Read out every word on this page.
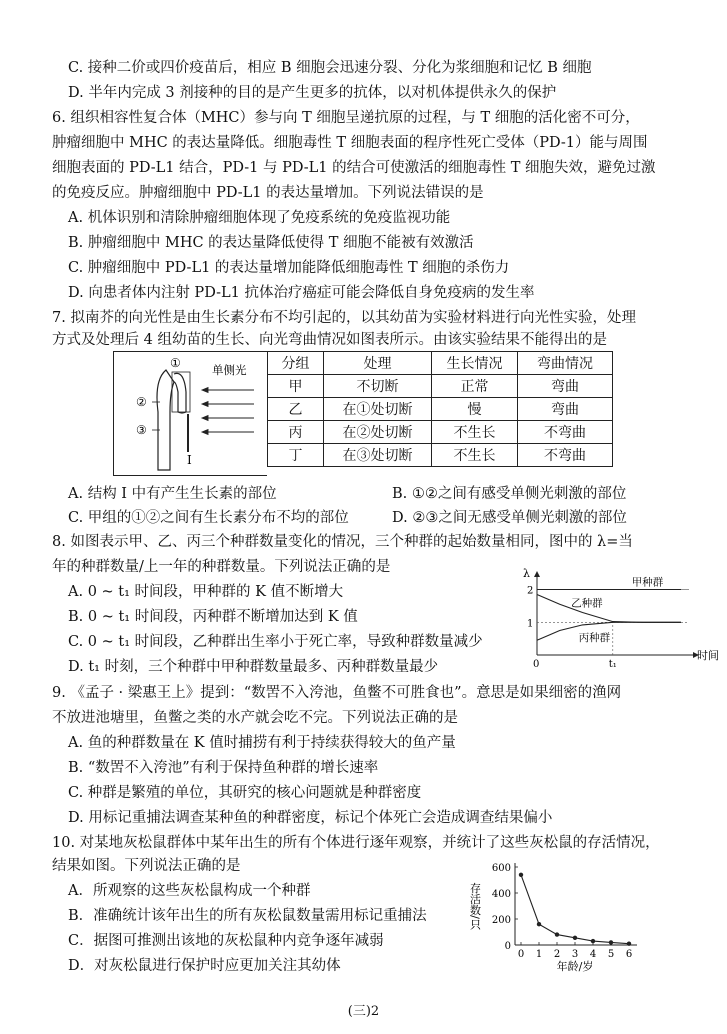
C. 接种二价或四价疫苗后，相应 B 细胞会迅速分裂、分化为浆细胞和记忆 B 细胞
D. 半年内完成 3 剂接种的目的是产生更多的抗体，以对机体提供永久的保护
6. 组织相容性复合体（MHC）参与向 T 细胞呈递抗原的过程，与 T 细胞的活化密不可分，
肿瘤细胞中 MHC 的表达量降低。细胞毒性 T 细胞表面的程序性死亡受体（PD-1）能与周围
细胞表面的 PD-L1 结合，PD-1 与 PD-L1 的结合可使激活的细胞毒性 T 细胞失效，避免过激
的免疫反应。肿瘤细胞中 PD-L1 的表达量增加。下列说法错误的是
A. 机体识别和清除肿瘤细胞体现了免疫系统的免疫监视功能
B. 肿瘤细胞中 MHC 的表达量降低使得 T 细胞不能被有效激活
C. 肿瘤细胞中 PD-L1 的表达量增加能降低细胞毒性 T 细胞的杀伤力
D. 向患者体内注射 PD-L1 抗体治疗癌症可能会降低自身免疫病的发生率
7. 拟南芥的向光性是由生长素分布不均引起的，以其幼苗为实验材料进行向光性实验，处理
方式及处理后 4 组幼苗的生长、向光弯曲情况如图表所示。由该实验结果不能得出的是
A. 结构 Ⅰ 中有产生生长素的部位	B. ①②之间有感受单侧光刺激的部位
C. 甲组的①②之间有生长素分布不均的部位	D. ②③之间无感受单侧光刺激的部位
8. 如图表示甲、乙、丙三个种群数量变化的情况，三个种群的起始数量相同，图中的 λ=当
年的种群数量/上一年的种群数量。下列说法正确的是
A. 0 ~ t₁ 时间段，甲种群的 K 值不断增大
B. 0 ~ t₁ 时间段，丙种群不断增加达到 K 值
C. 0 ~ t₁ 时间段，乙种群出生率小于死亡率，导致种群数量减少
D. t₁ 时刻，三个种群中甲种群数量最多、丙种群数量最少
9. 《孟子 · 梁惠王上》提到：“数罟不入洿池，鱼鳖不可胜食也”。意思是如果细密的渔网
不放进池塘里，鱼鳖之类的水产就会吃不完。下列说法正确的是
A. 鱼的种群数量在 K 值时捕捞有利于持续获得较大的鱼产量
B. “数罟不入洿池”有利于保持鱼种群的增长速率
C. 种群是繁殖的单位，其研究的核心问题就是种群密度
D. 用标记重捕法调查某种鱼的种群密度，标记个体死亡会造成调查结果偏小
10. 对某地灰松鼠群体中某年出生的所有个体进行逐年观察，并统计了这些灰松鼠的存活情况，
结果如图。下列说法正确的是
A．所观察的这些灰松鼠构成一个种群
B．准确统计该年出生的所有灰松鼠数量需用标记重捕法
C．据图可推测出该地的灰松鼠种内竞争逐年减弱
D．对灰松鼠进行保护时应更加关注其幼体
Ⅰ
①
②
③
单侧光	分组	处理	生长情况	弯曲情况
甲	不切断	正常	弯曲
乙	在①处切断	慢	弯曲
丙	在②处切断	不生长	不弯曲
丁	在③处切断	不生长	不弯曲
λ
时间
2
1
0	t₁
甲种群
乙种群
丙种群
0
200
400
600
0 1 2 3 4 5 6
年龄/岁
存活数/只
(三)2
